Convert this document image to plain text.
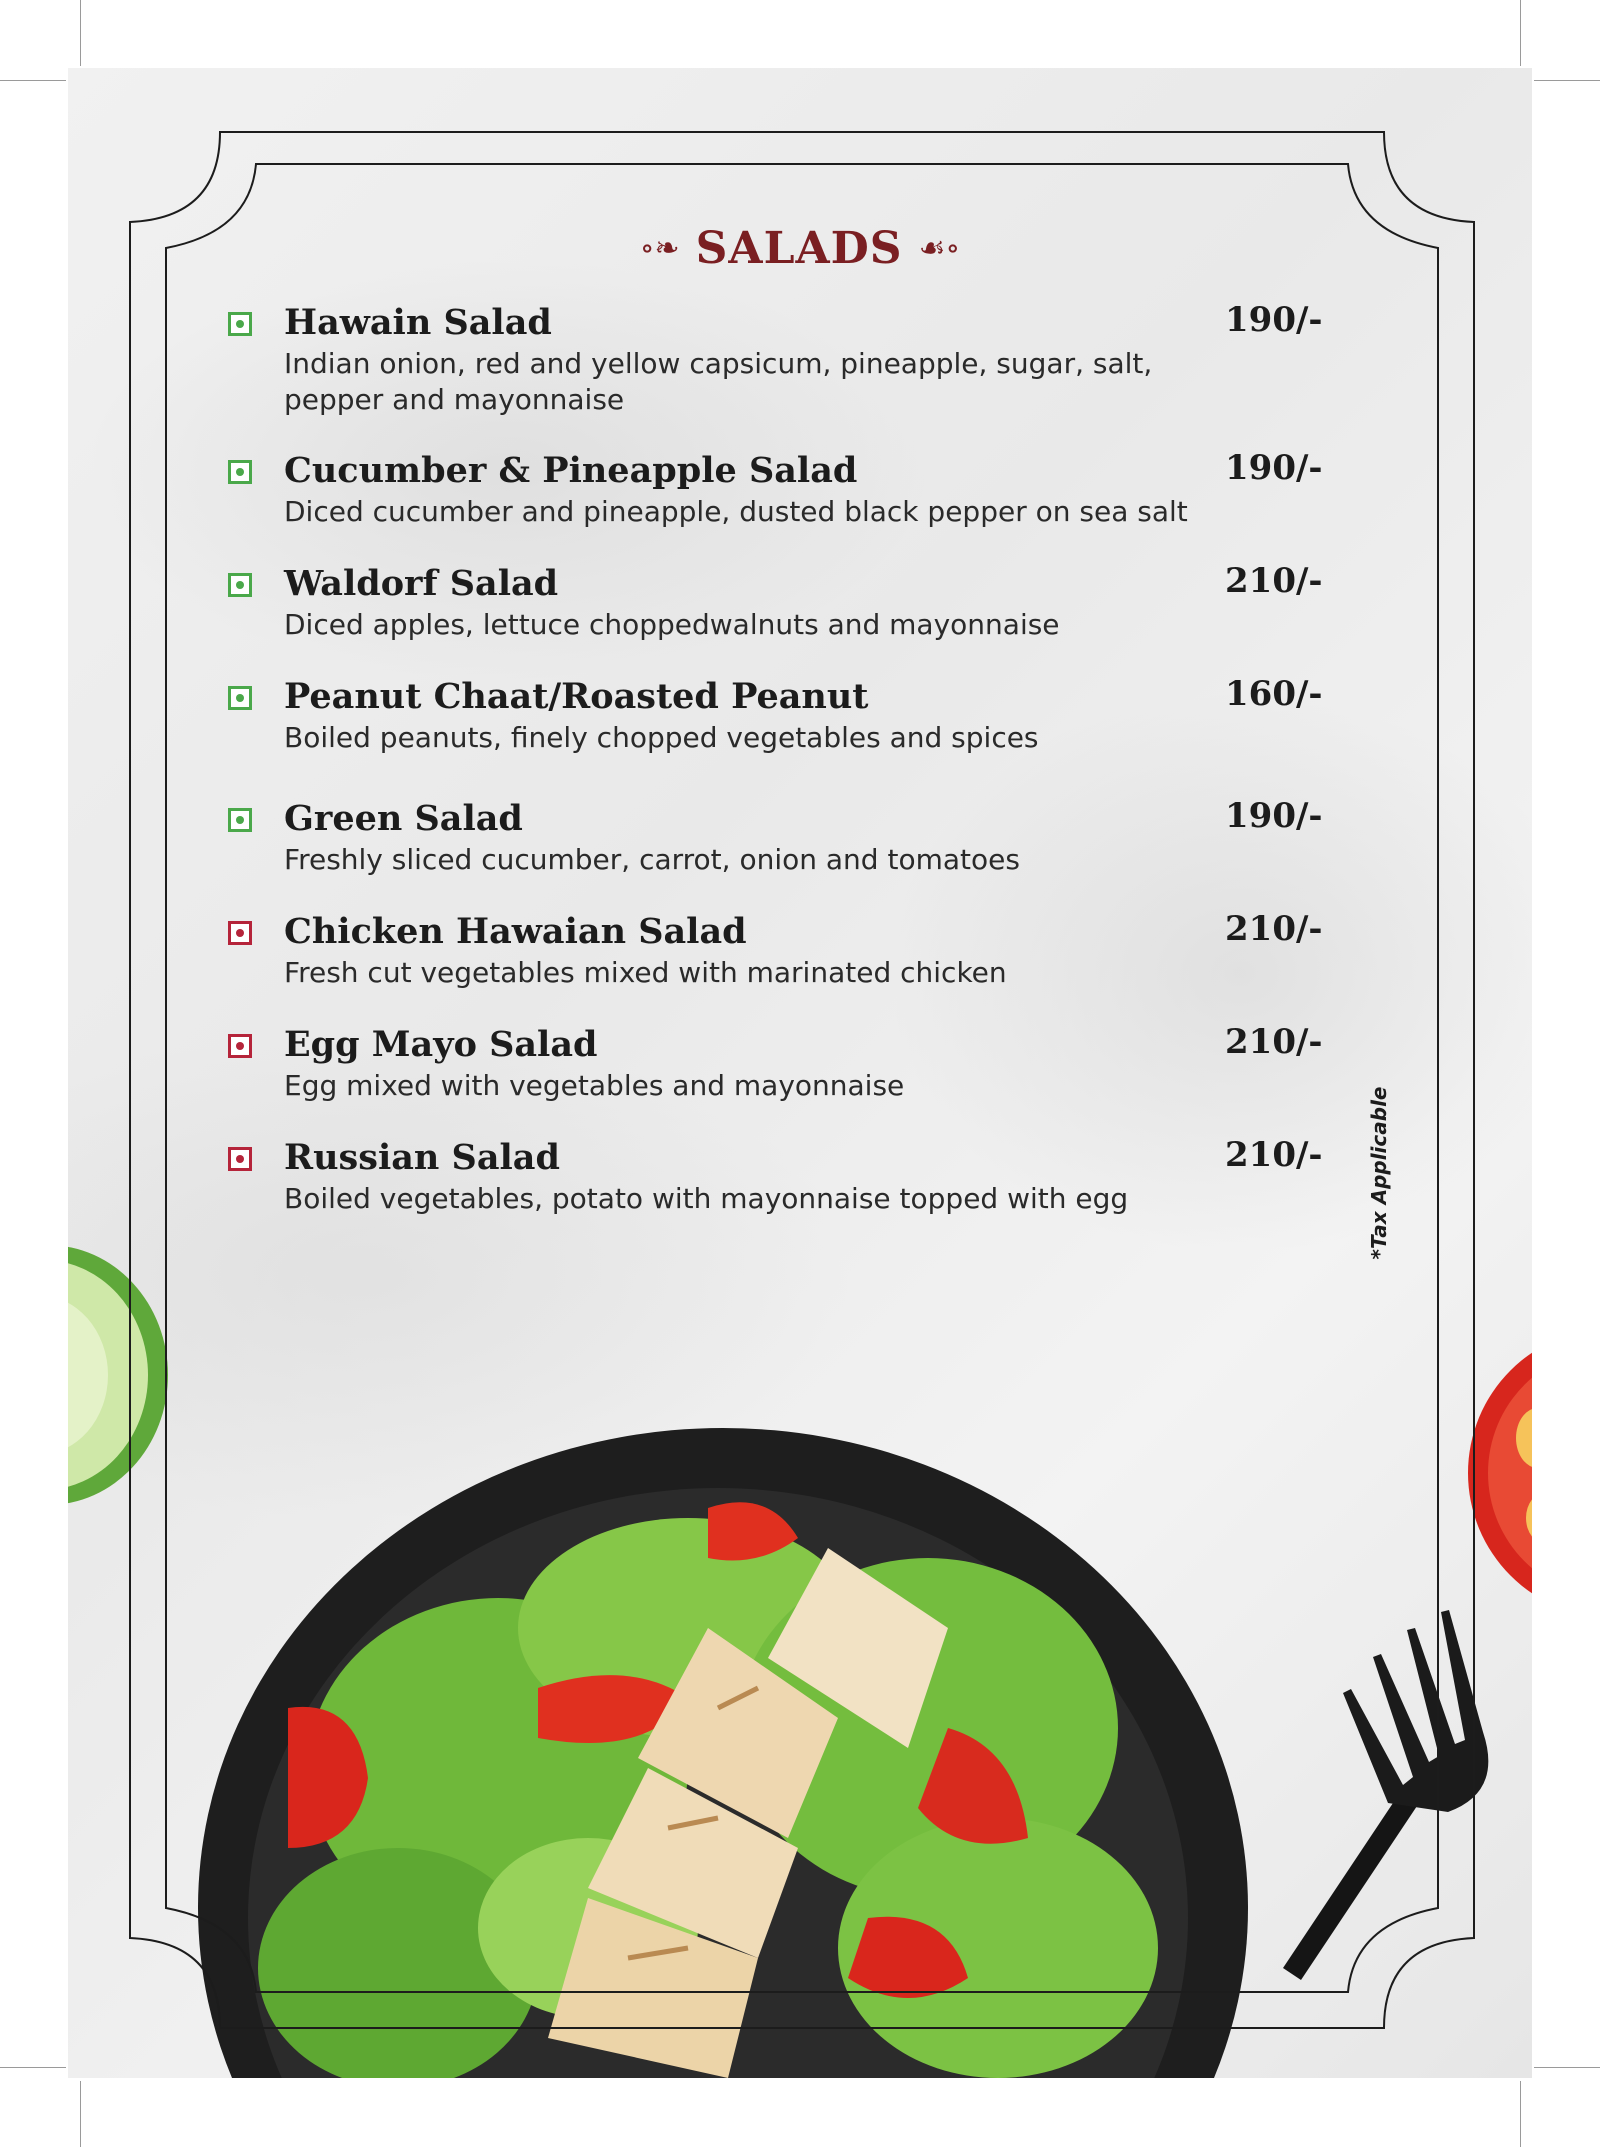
∘❧ SALADS ☙∘
Hawain Salad	190/-
Indian onion, red and yellow capsicum, pineapple, sugar, salt, pepper and mayonnaise
Cucumber & Pineapple Salad	190/-
Diced cucumber and pineapple, dusted black pepper on sea salt
Waldorf Salad	210/-
Diced apples, lettuce choppedwalnuts and mayonnaise
Peanut Chaat/Roasted Peanut	160/-
Boiled peanuts, finely chopped vegetables and spices
Green Salad	190/-
Freshly sliced cucumber, carrot, onion and tomatoes
Chicken Hawaian Salad	210/-
Fresh cut vegetables mixed with marinated chicken
Egg Mayo Salad	210/-
Egg mixed with vegetables and mayonnaise
Russian Salad	210/-
Boiled vegetables, potato with mayonnaise topped with egg	*Tax Applicable
